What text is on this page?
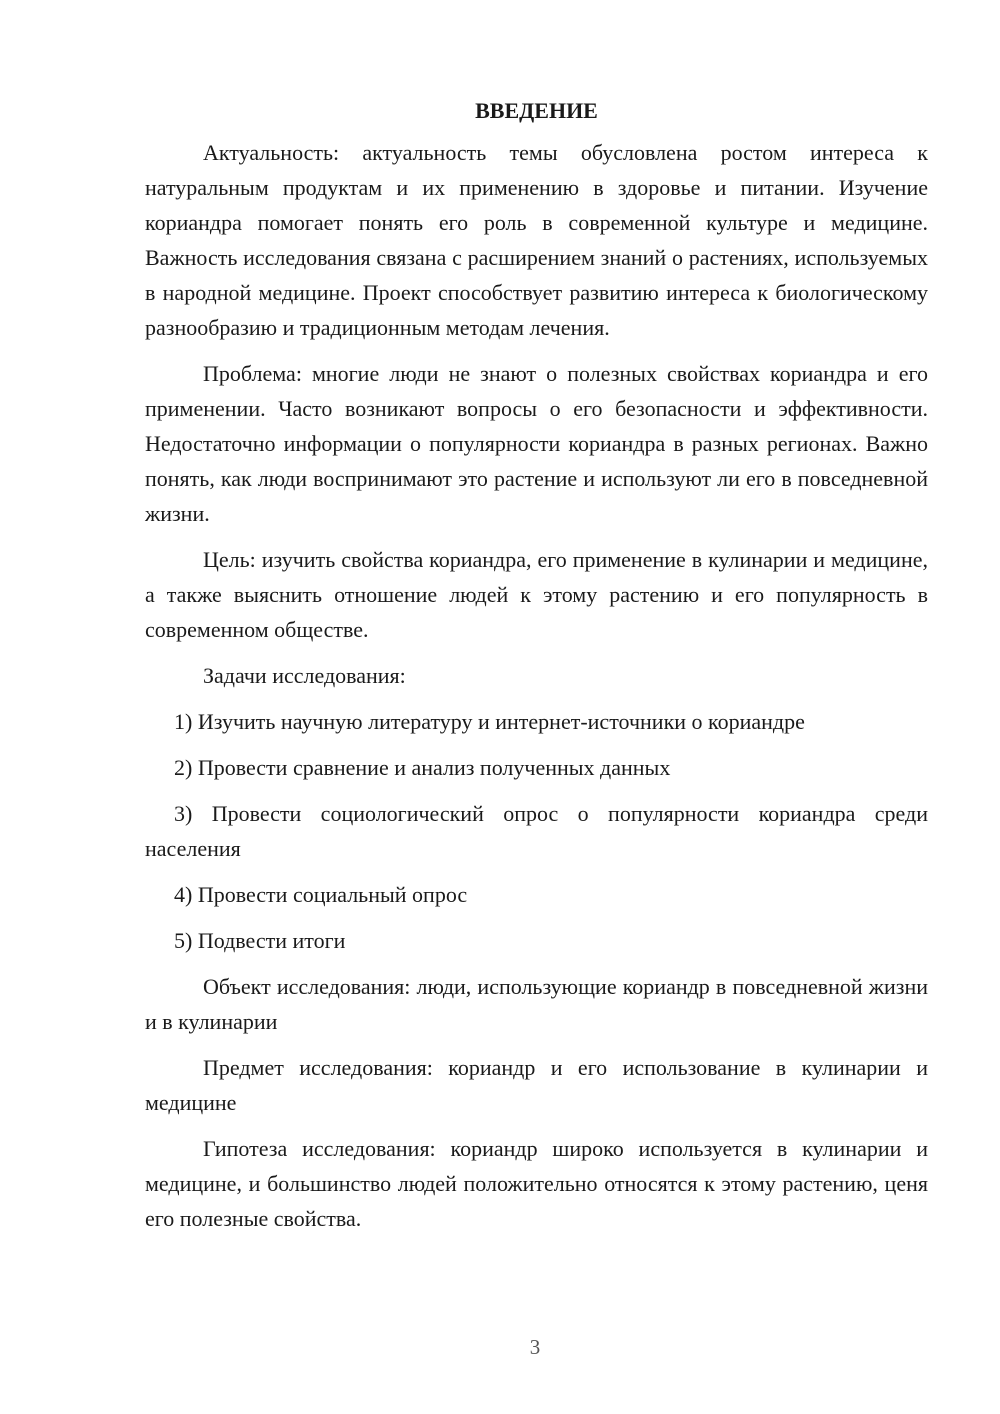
ВВЕДЕНИЕ

Актуальность: актуальность темы обусловлена ростом интереса к натуральным продуктам и их применению в здоровье и питании. Изучение кориандра помогает понять его роль в современной культуре и медицине. Важность исследования связана с расширением знаний о растениях, используемых в народной медицине. Проект способствует развитию интереса к биологическому разнообразию и традиционным методам лечения.

Проблема: многие люди не знают о полезных свойствах кориандра и его применении. Часто возникают вопросы о его безопасности и эффективности. Недостаточно информации о популярности кориандра в разных регионах. Важно понять, как люди воспринимают это растение и используют ли его в повседневной жизни.

Цель: изучить свойства кориандра, его применение в кулинарии и медицине, а также выяснить отношение людей к этому растению и его популярность в современном обществе.

Задачи исследования:

1) Изучить научную литературу и интернет-источники о кориандре

2) Провести сравнение и анализ полученных данных

3) Провести социологический опрос о популярности кориандра среди населения

4) Провести социальный опрос

5) Подвести итоги

Объект исследования: люди, использующие кориандр в повседневной жизни и в кулинарии

Предмет исследования: кориандр и его использование в кулинарии и медицине

Гипотеза исследования: кориандр широко используется в кулинарии и медицине, и большинство людей положительно относятся к этому растению, ценя его полезные свойства.

3
